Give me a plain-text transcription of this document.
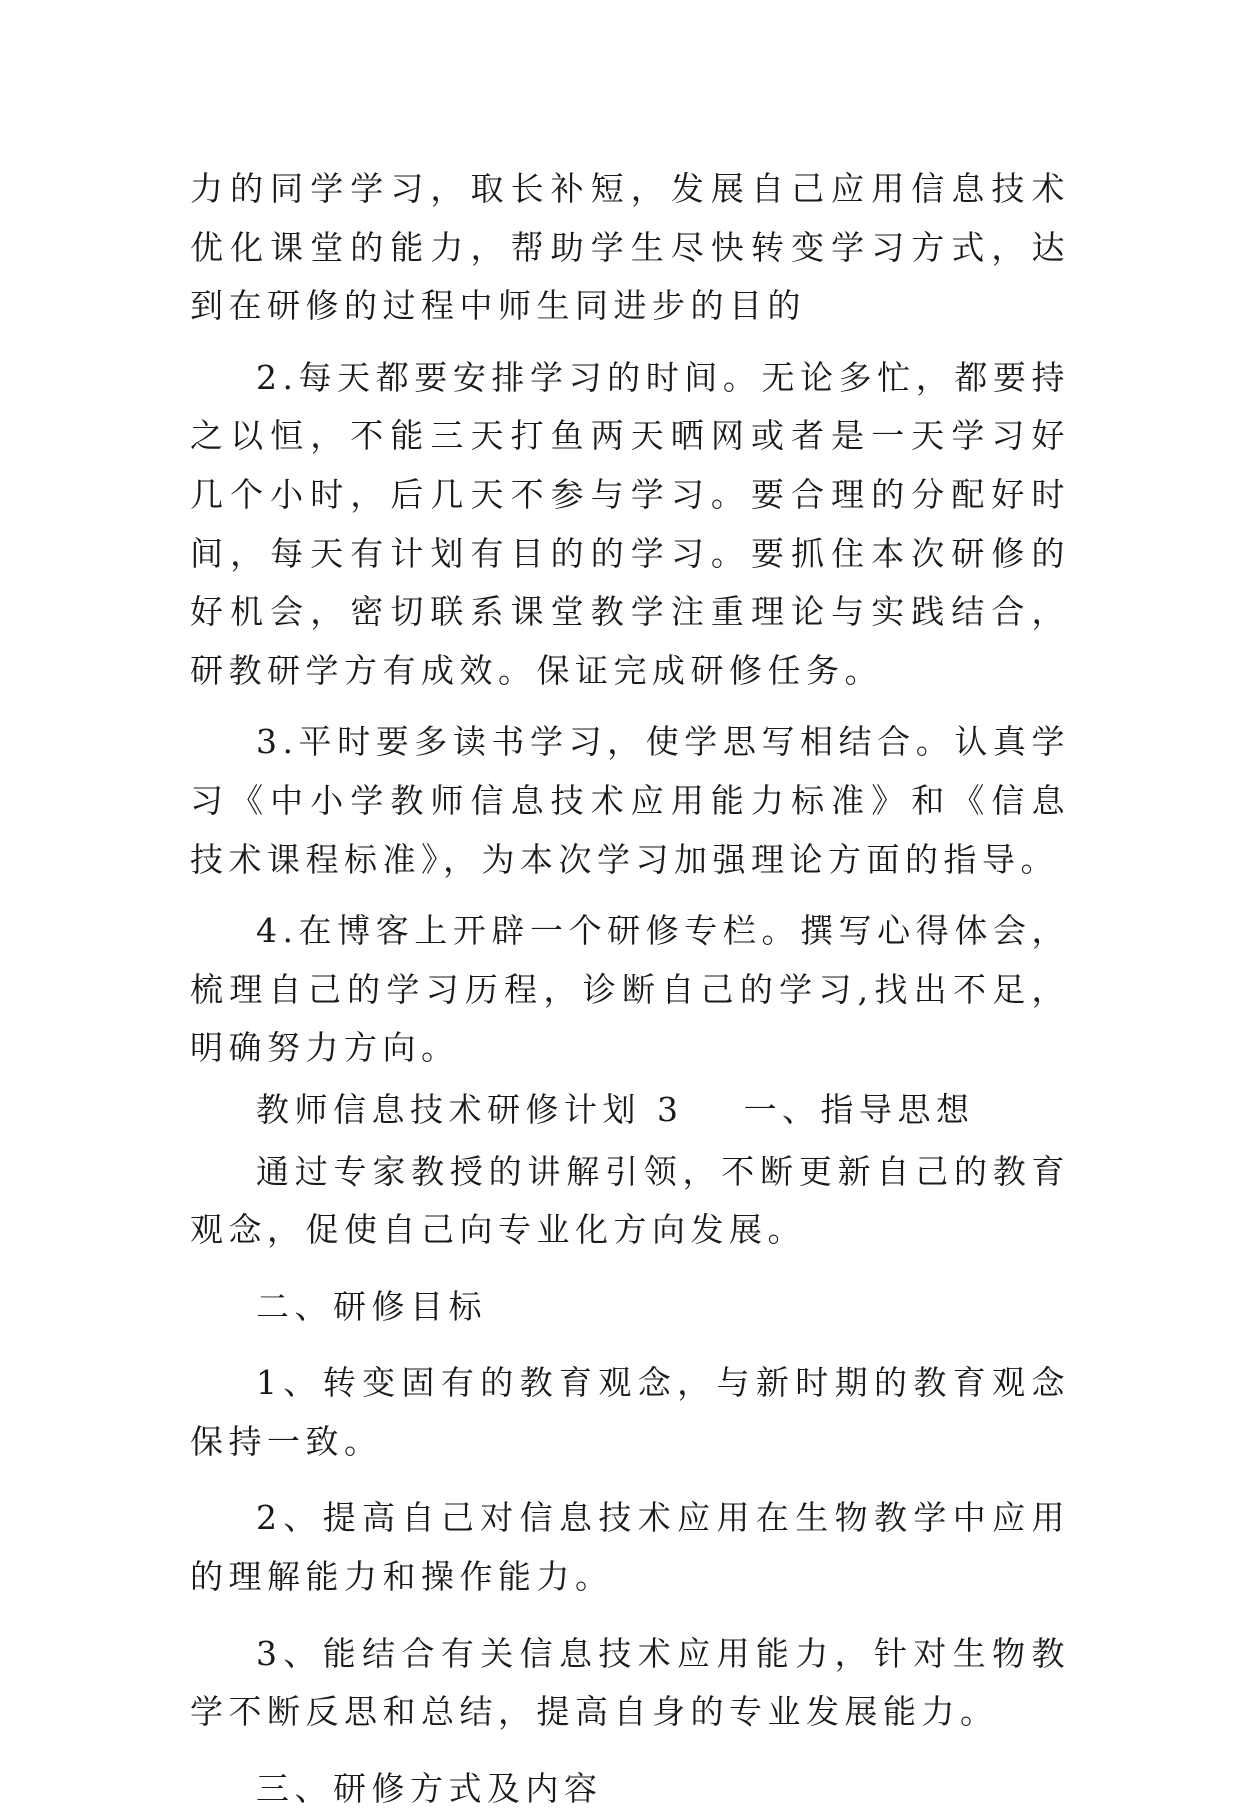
力的同学学习，取长补短，发展自己应用信息技术优化课堂的能力，帮助学生尽快转变学习方式，达到在研修的过程中师生同进步的目的

2.每天都要安排学习的时间。无论多忙，都要持之以恒，不能三天打鱼两天晒网或者是一天学习好几个小时，后几天不参与学习。要合理的分配好时间，每天有计划有目的的学习。要抓住本次研修的好机会，密切联系课堂教学注重理论与实践结合，研教研学方有成效。保证完成研修任务。

3.平时要多读书学习，使学思写相结合。认真学习《中小学教师信息技术应用能力标准》和《信息技术课程标准》，为本次学习加强理论方面的指导。

4.在博客上开辟一个研修专栏。撰写心得体会，梳理自己的学习历程，诊断自己的学习,找出不足，明确努力方向。

教师信息技术研修计划 3 一、指导思想

通过专家教授的讲解引领，不断更新自己的教育观念，促使自己向专业化方向发展。

二、研修目标

1、转变固有的教育观念，与新时期的教育观念保持一致。

2、提高自己对信息技术应用在生物教学中应用的理解能力和操作能力。

3、能结合有关信息技术应用能力，针对生物教学不断反思和总结，提高自身的专业发展能力。

三、研修方式及内容
